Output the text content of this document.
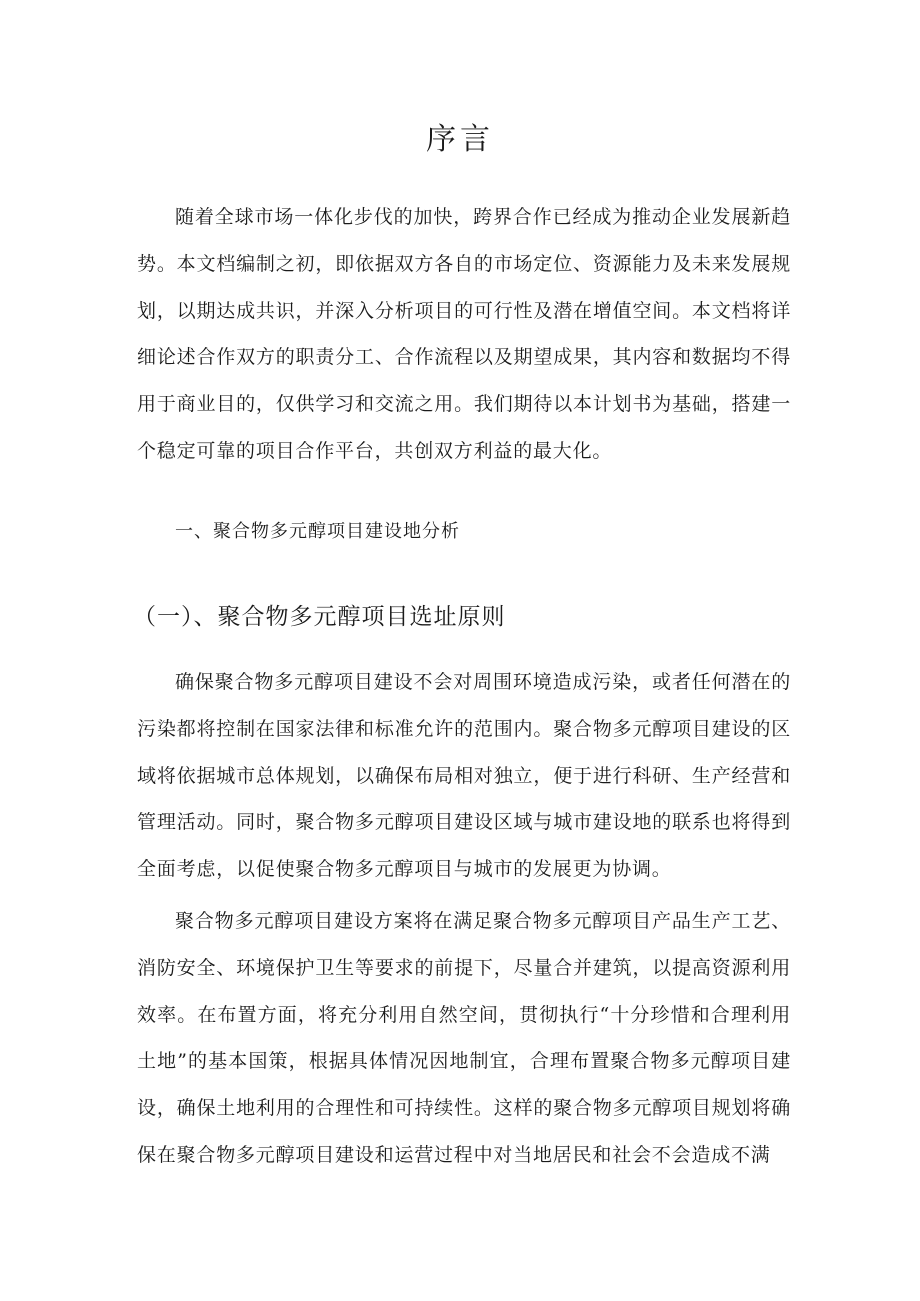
序言

随着全球市场一体化步伐的加快，跨界合作已经成为推动企业发展新趋势。本文档编制之初，即依据双方各自的市场定位、资源能力及未来发展规划，以期达成共识，并深入分析项目的可行性及潜在增值空间。本文档将详细论述合作双方的职责分工、合作流程以及期望成果，其内容和数据均不得用于商业目的，仅供学习和交流之用。我们期待以本计划书为基础，搭建一个稳定可靠的项目合作平台，共创双方利益的最大化。

一、聚合物多元醇项目建设地分析
（一）、聚合物多元醇项目选址原则

确保聚合物多元醇项目建设不会对周围环境造成污染，或者任何潜在的污染都将控制在国家法律和标准允许的范围内。聚合物多元醇项目建设的区域将依据城市总体规划，以确保布局相对独立，便于进行科研、生产经营和管理活动。同时，聚合物多元醇项目建设区域与城市建设地的联系也将得到全面考虑，以促使聚合物多元醇项目与城市的发展更为协调。

聚合物多元醇项目建设方案将在满足聚合物多元醇项目产品生产工艺、消防安全、环境保护卫生等要求的前提下，尽量合并建筑，以提高资源利用效率。在布置方面，将充分利用自然空间，贯彻执行“十分珍惜和合理利用土地”的基本国策，根据具体情况因地制宜，合理布置聚合物多元醇项目建设，确保土地利用的合理性和可持续性。这样的聚合物多元醇项目规划将确保在聚合物多元醇项目建设和运营过程中对当地居民和社会不会造成不满
